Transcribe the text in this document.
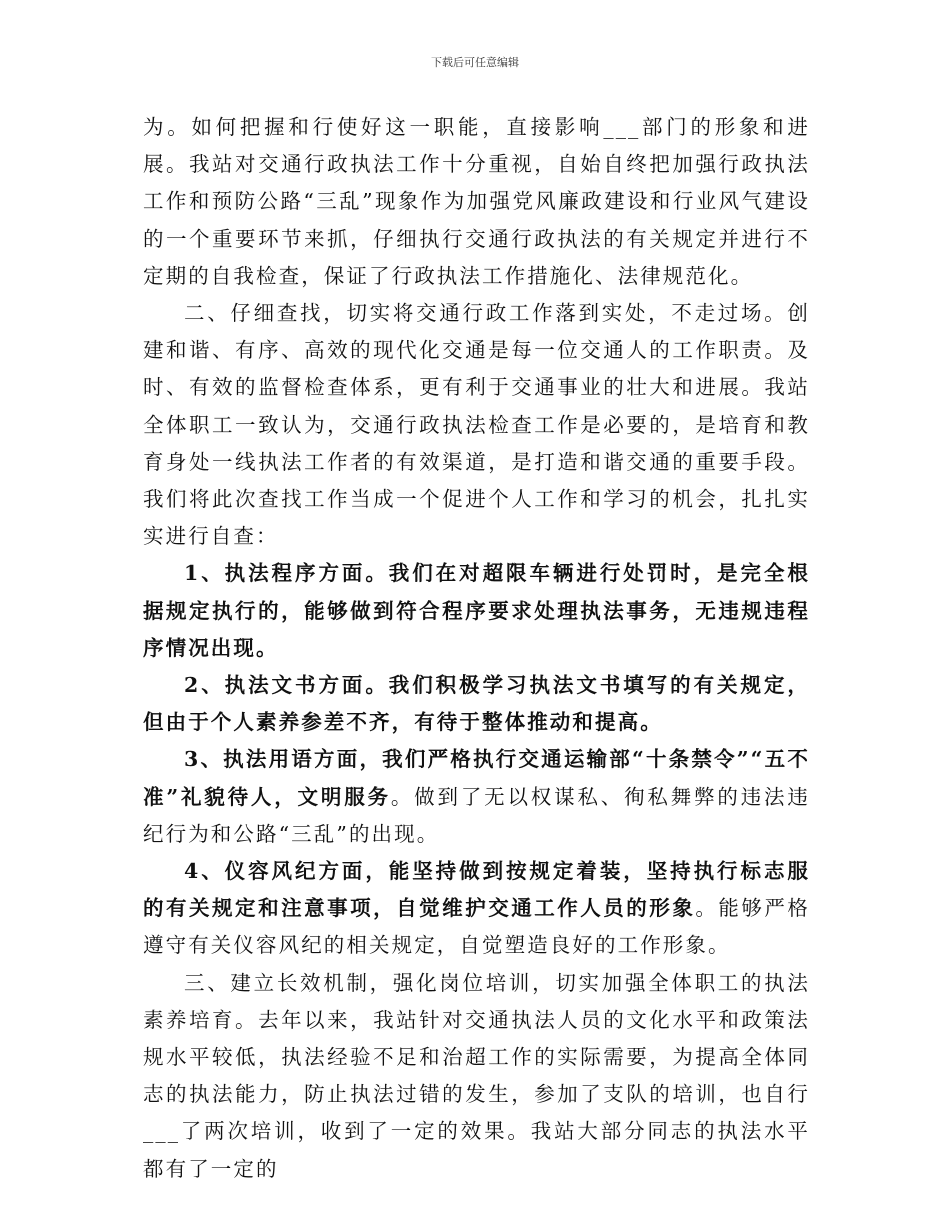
下载后可任意编辑

为。如何把握和行使好这一职能，直接影响___部门的形象和进展。我站对交通行政执法工作十分重视，自始自终把加强行政执法工作和预防公路“三乱”现象作为加强党风廉政建设和行业风气建设的一个重要环节来抓，仔细执行交通行政执法的有关规定并进行不定期的自我检查，保证了行政执法工作措施化、法律规范化。

二、仔细查找，切实将交通行政工作落到实处，不走过场。创建和谐、有序、高效的现代化交通是每一位交通人的工作职责。及时、有效的监督检查体系，更有利于交通事业的壮大和进展。我站全体职工一致认为，交通行政执法检查工作是必要的，是培育和教育身处一线执法工作者的有效渠道，是打造和谐交通的重要手段。我们将此次查找工作当成一个促进个人工作和学习的机会，扎扎实实进行自查：

1、执法程序方面。我们在对超限车辆进行处罚时，是完全根据规定执行的，能够做到符合程序要求处理执法事务，无违规违程序情况出现。

2、执法文书方面。我们积极学习执法文书填写的有关规定，但由于个人素养参差不齐，有待于整体推动和提高。

3、执法用语方面，我们严格执行交通运输部“十条禁令”“五不准”礼貌待人，文明服务。做到了无以权谋私、徇私舞弊的违法违纪行为和公路“三乱”的出现。

4、仪容风纪方面，能坚持做到按规定着装，坚持执行标志服的有关规定和注意事项，自觉维护交通工作人员的形象。能够严格遵守有关仪容风纪的相关规定，自觉塑造良好的工作形象。

三、建立长效机制，强化岗位培训，切实加强全体职工的执法素养培育。去年以来，我站针对交通执法人员的文化水平和政策法规水平较低，执法经验不足和治超工作的实际需要，为提高全体同志的执法能力，防止执法过错的发生，参加了支队的培训，也自行___了两次培训，收到了一定的效果。我站大部分同志的执法水平都有了一定的
